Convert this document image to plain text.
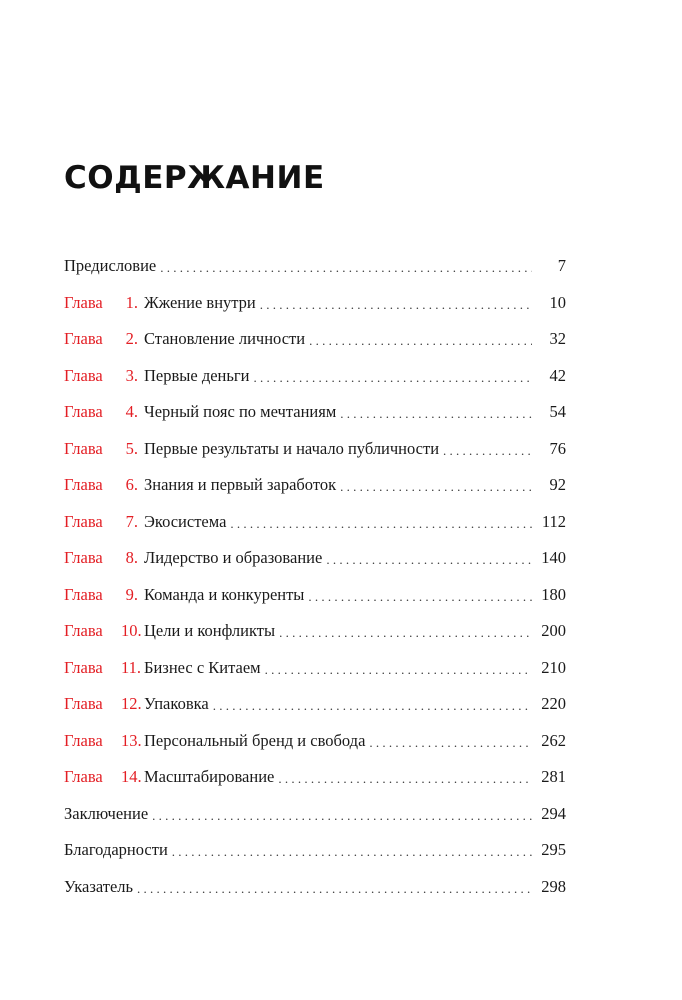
СОДЕРЖАНИЕ
Предисловие . . .	7
Глава 1. Жжение внутри . . .	10
Глава 2. Становление личности . . .	32
Глава 3. Первые деньги . . .	42
Глава 4. Черный пояс по мечтаниям . . .	54
Глава 5. Первые результаты и начало публичности . . .	76
Глава 6. Знания и первый заработок . . .	92
Глава 7. Экосистема . . .	112
Глава 8. Лидерство и образование . . .	140
Глава 9. Команда и конкуренты . . .	180
Глава 10. Цели и конфликты . . .	200
Глава 11. Бизнес с Китаем . . .	210
Глава 12. Упаковка . . .	220
Глава 13. Персональный бренд и свобода . . .	262
Глава 14. Масштабирование . . .	281
Заключение . . .	294
Благодарности . . .	295
Указатель . . .	298
